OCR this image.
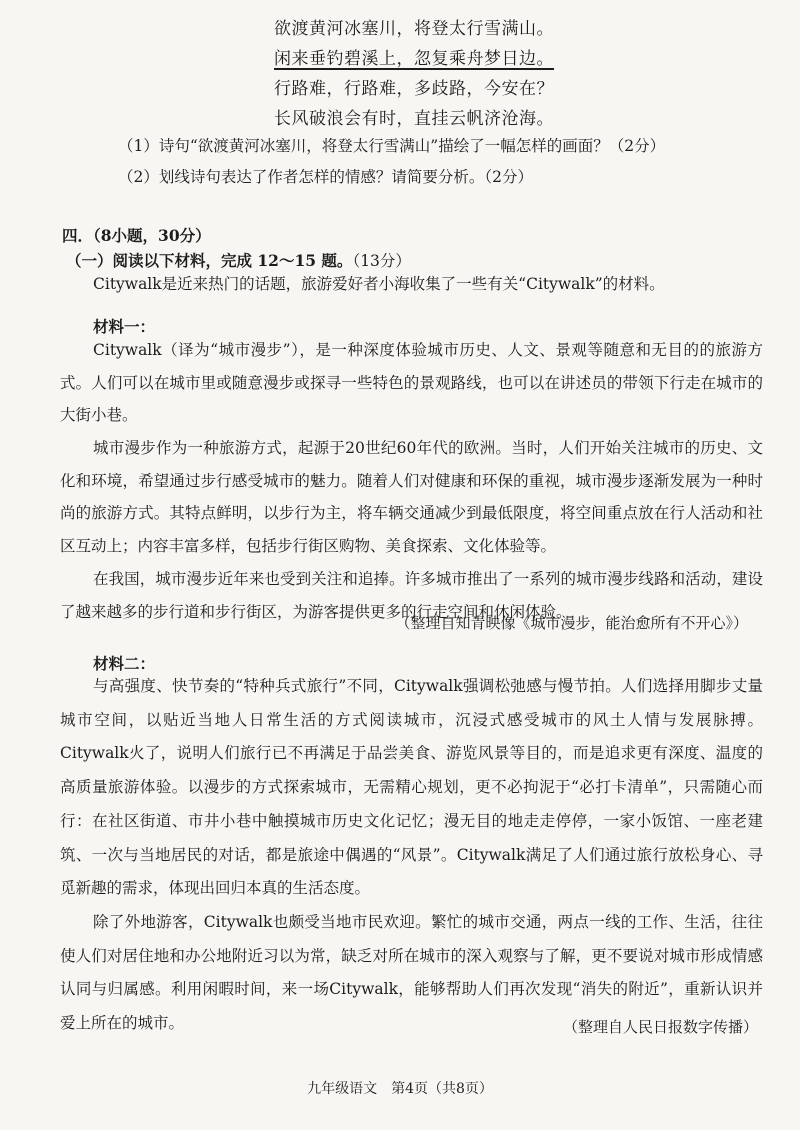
欲渡黄河冰塞川，将登太行雪满山。
闲来垂钓碧溪上，忽复乘舟梦日边。
行路难，行路难，多歧路，今安在？
长风破浪会有时，直挂云帆济沧海。
（1）诗句“欲渡黄河冰塞川，将登太行雪满山”描绘了一幅怎样的画面？（2分）
（2）划线诗句表达了作者怎样的情感？请简要分析。（2分）
四．（8小题，30分）
（一）阅读以下材料，完成 12～15 题。（13分）
Citywalk是近来热门的话题，旅游爱好者小海收集了一些有关“Citywalk”的材料。
材料一：
Citywalk（译为“城市漫步”），是一种深度体验城市历史、人文、景观等随意和无目的的旅游方式。人们可以在城市里或随意漫步或探寻一些特色的景观路线，也可以在讲述员的带领下行走在城市的大街小巷。
城市漫步作为一种旅游方式，起源于20世纪60年代的欧洲。当时，人们开始关注城市的历史、文化和环境，希望通过步行感受城市的魅力。随着人们对健康和环保的重视，城市漫步逐渐发展为一种时尚的旅游方式。其特点鲜明，以步行为主，将车辆交通减少到最低限度，将空间重点放在行人活动和社区互动上；内容丰富多样，包括步行街区购物、美食探索、文化体验等。
在我国，城市漫步近年来也受到关注和追捧。许多城市推出了一系列的城市漫步线路和活动，建设了越来越多的步行道和步行街区，为游客提供更多的行走空间和休闲体验。
（整理自知青映像《城市漫步，能治愈所有不开心》）
材料二：
与高强度、快节奏的“特种兵式旅行”不同，Citywalk强调松弛感与慢节拍。人们选择用脚步丈量城市空间，以贴近当地人日常生活的方式阅读城市，沉浸式感受城市的风土人情与发展脉搏。Citywalk火了，说明人们旅行已不再满足于品尝美食、游览风景等目的，而是追求更有深度、温度的高质量旅游体验。以漫步的方式探索城市，无需精心规划，更不必拘泥于“必打卡清单”，只需随心而行：在社区街道、市井小巷中触摸城市历史文化记忆；漫无目的地走走停停，一家小饭馆、一座老建筑、一次与当地居民的对话，都是旅途中偶遇的“风景”。Citywalk满足了人们通过旅行放松身心、寻觅新趣的需求，体现出回归本真的生活态度。
除了外地游客，Citywalk也颇受当地市民欢迎。繁忙的城市交通，两点一线的工作、生活，往往使人们对居住地和办公地附近习以为常，缺乏对所在城市的深入观察与了解，更不要说对城市形成情感认同与归属感。利用闲暇时间，来一场Citywalk，能够帮助人们再次发现“消失的附近”，重新认识并爱上所在的城市。	（整理自人民日报数字传播）
九年级语文　第4页（共8页）
